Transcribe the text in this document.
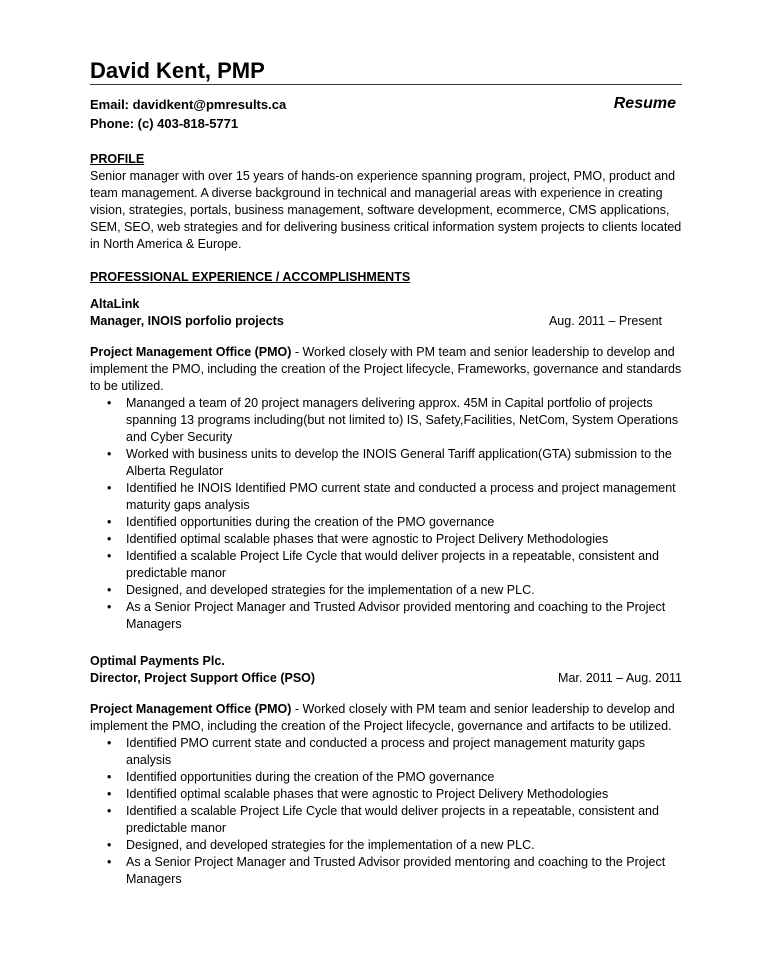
David Kent, PMP
Email: davidkent@pmresults.ca
Phone: (c) 403-818-5771
Resume

PROFILE

Senior manager with over 15 years of hands-on experience spanning program, project, PMO, product and team management. A diverse background in technical and managerial areas with experience in creating vision, strategies, portals, business management, software development, ecommerce, CMS applications, SEM, SEO, web strategies and for delivering business critical information system projects to clients located in North America & Europe.

PROFESSIONAL EXPERIENCE / ACCOMPLISHMENTS

AltaLink

Manager, INOIS porfolio projects	Aug. 2011 – Present

Project Management Office (PMO) - Worked closely with PM team and senior leadership to develop and implement the PMO, including the creation of the Project lifecycle, Frameworks, governance and standards to be utilized.

• Mananged a team of 20 project managers delivering approx. 45M in Capital portfolio of projects spanning 13 programs including(but not limited to) IS, Safety,Facilities, NetCom, System Operations and Cyber Security
• Worked with business units to develop the INOIS General Tariff application(GTA) submission to the Alberta Regulator
• Identified he INOIS Identified PMO current state and conducted a process and project management maturity gaps analysis
• Identified opportunities during the creation of the PMO governance
• Identified optimal scalable phases that were agnostic to Project Delivery Methodologies
• Identified a scalable Project Life Cycle that would deliver projects in a repeatable, consistent and predictable manor
• Designed, and developed strategies for the implementation of a new PLC.
• As a Senior Project Manager and Trusted Advisor provided mentoring and coaching to the Project Managers

Optimal Payments Plc.

Director, Project Support Office (PSO)	Mar. 2011 – Aug. 2011

Project Management Office (PMO) - Worked closely with PM team and senior leadership to develop and implement the PMO, including the creation of the Project lifecycle, governance and artifacts to be utilized.

• Identified PMO current state and conducted a process and project management maturity gaps analysis
• Identified opportunities during the creation of the PMO governance
• Identified optimal scalable phases that were agnostic to Project Delivery Methodologies
• Identified a scalable Project Life Cycle that would deliver projects in a repeatable, consistent and predictable manor
• Designed, and developed strategies for the implementation of a new PLC.
• As a Senior Project Manager and Trusted Advisor provided mentoring and coaching to the Project Managers
